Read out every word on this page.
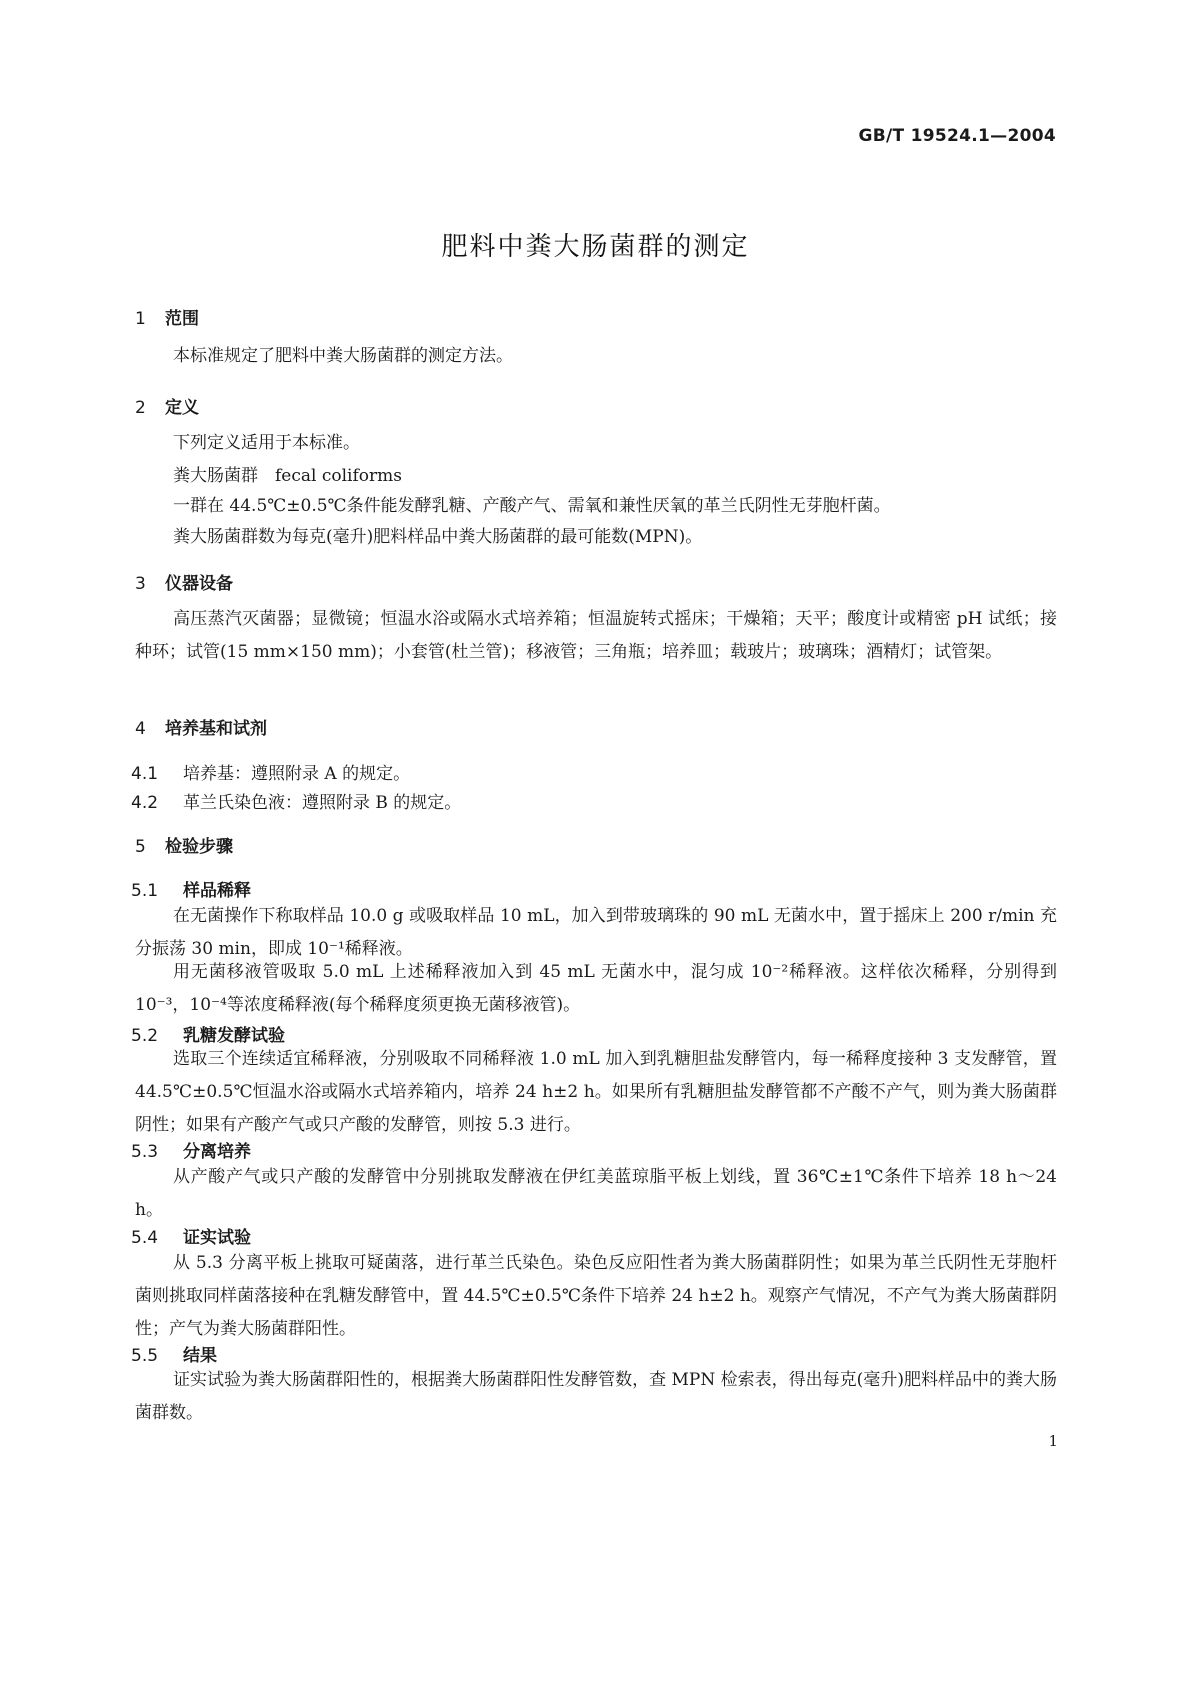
GB/T 19524.1—2004
肥料中粪大肠菌群的测定
1 范围
本标准规定了肥料中粪大肠菌群的测定方法。
2 定义
下列定义适用于本标准。
粪大肠菌群　fecal coliforms
一群在 44.5℃±0.5℃条件能发酵乳糖、产酸产气、需氧和兼性厌氧的革兰氏阴性无芽胞杆菌。
粪大肠菌群数为每克(毫升)肥料样品中粪大肠菌群的最可能数(MPN)。
3 仪器设备
高压蒸汽灭菌器；显微镜；恒温水浴或隔水式培养箱；恒温旋转式摇床；干燥箱；天平；酸度计或精密 pH 试纸；接种环；试管(15 mm×150 mm)；小套管(杜兰管)；移液管；三角瓶；培养皿；载玻片；玻璃珠；酒精灯；试管架。
4 培养基和试剂
4.1 培养基：遵照附录 A 的规定。
4.2 革兰氏染色液：遵照附录 B 的规定。
5 检验步骤
5.1 样品稀释
在无菌操作下称取样品 10.0 g 或吸取样品 10 mL，加入到带玻璃珠的 90 mL 无菌水中，置于摇床上 200 r/min 充分振荡 30 min，即成 10⁻¹稀释液。
用无菌移液管吸取 5.0 mL 上述稀释液加入到 45 mL 无菌水中，混匀成 10⁻²稀释液。这样依次稀释，分别得到 10⁻³，10⁻⁴等浓度稀释液(每个稀释度须更换无菌移液管)。
5.2 乳糖发酵试验
选取三个连续适宜稀释液，分别吸取不同稀释液 1.0 mL 加入到乳糖胆盐发酵管内，每一稀释度接种 3 支发酵管，置 44.5℃±0.5℃恒温水浴或隔水式培养箱内，培养 24 h±2 h。如果所有乳糖胆盐发酵管都不产酸不产气，则为粪大肠菌群阴性；如果有产酸产气或只产酸的发酵管，则按 5.3 进行。
5.3 分离培养
从产酸产气或只产酸的发酵管中分别挑取发酵液在伊红美蓝琼脂平板上划线，置 36℃±1℃条件下培养 18 h～24 h。
5.4 证实试验
从 5.3 分离平板上挑取可疑菌落，进行革兰氏染色。染色反应阳性者为粪大肠菌群阴性；如果为革兰氏阴性无芽胞杆菌则挑取同样菌落接种在乳糖发酵管中，置 44.5℃±0.5℃条件下培养 24 h±2 h。观察产气情况，不产气为粪大肠菌群阴性；产气为粪大肠菌群阳性。
5.5 结果
证实试验为粪大肠菌群阳性的，根据粪大肠菌群阳性发酵管数，查 MPN 检索表，得出每克(毫升)肥料样品中的粪大肠菌群数。
1
